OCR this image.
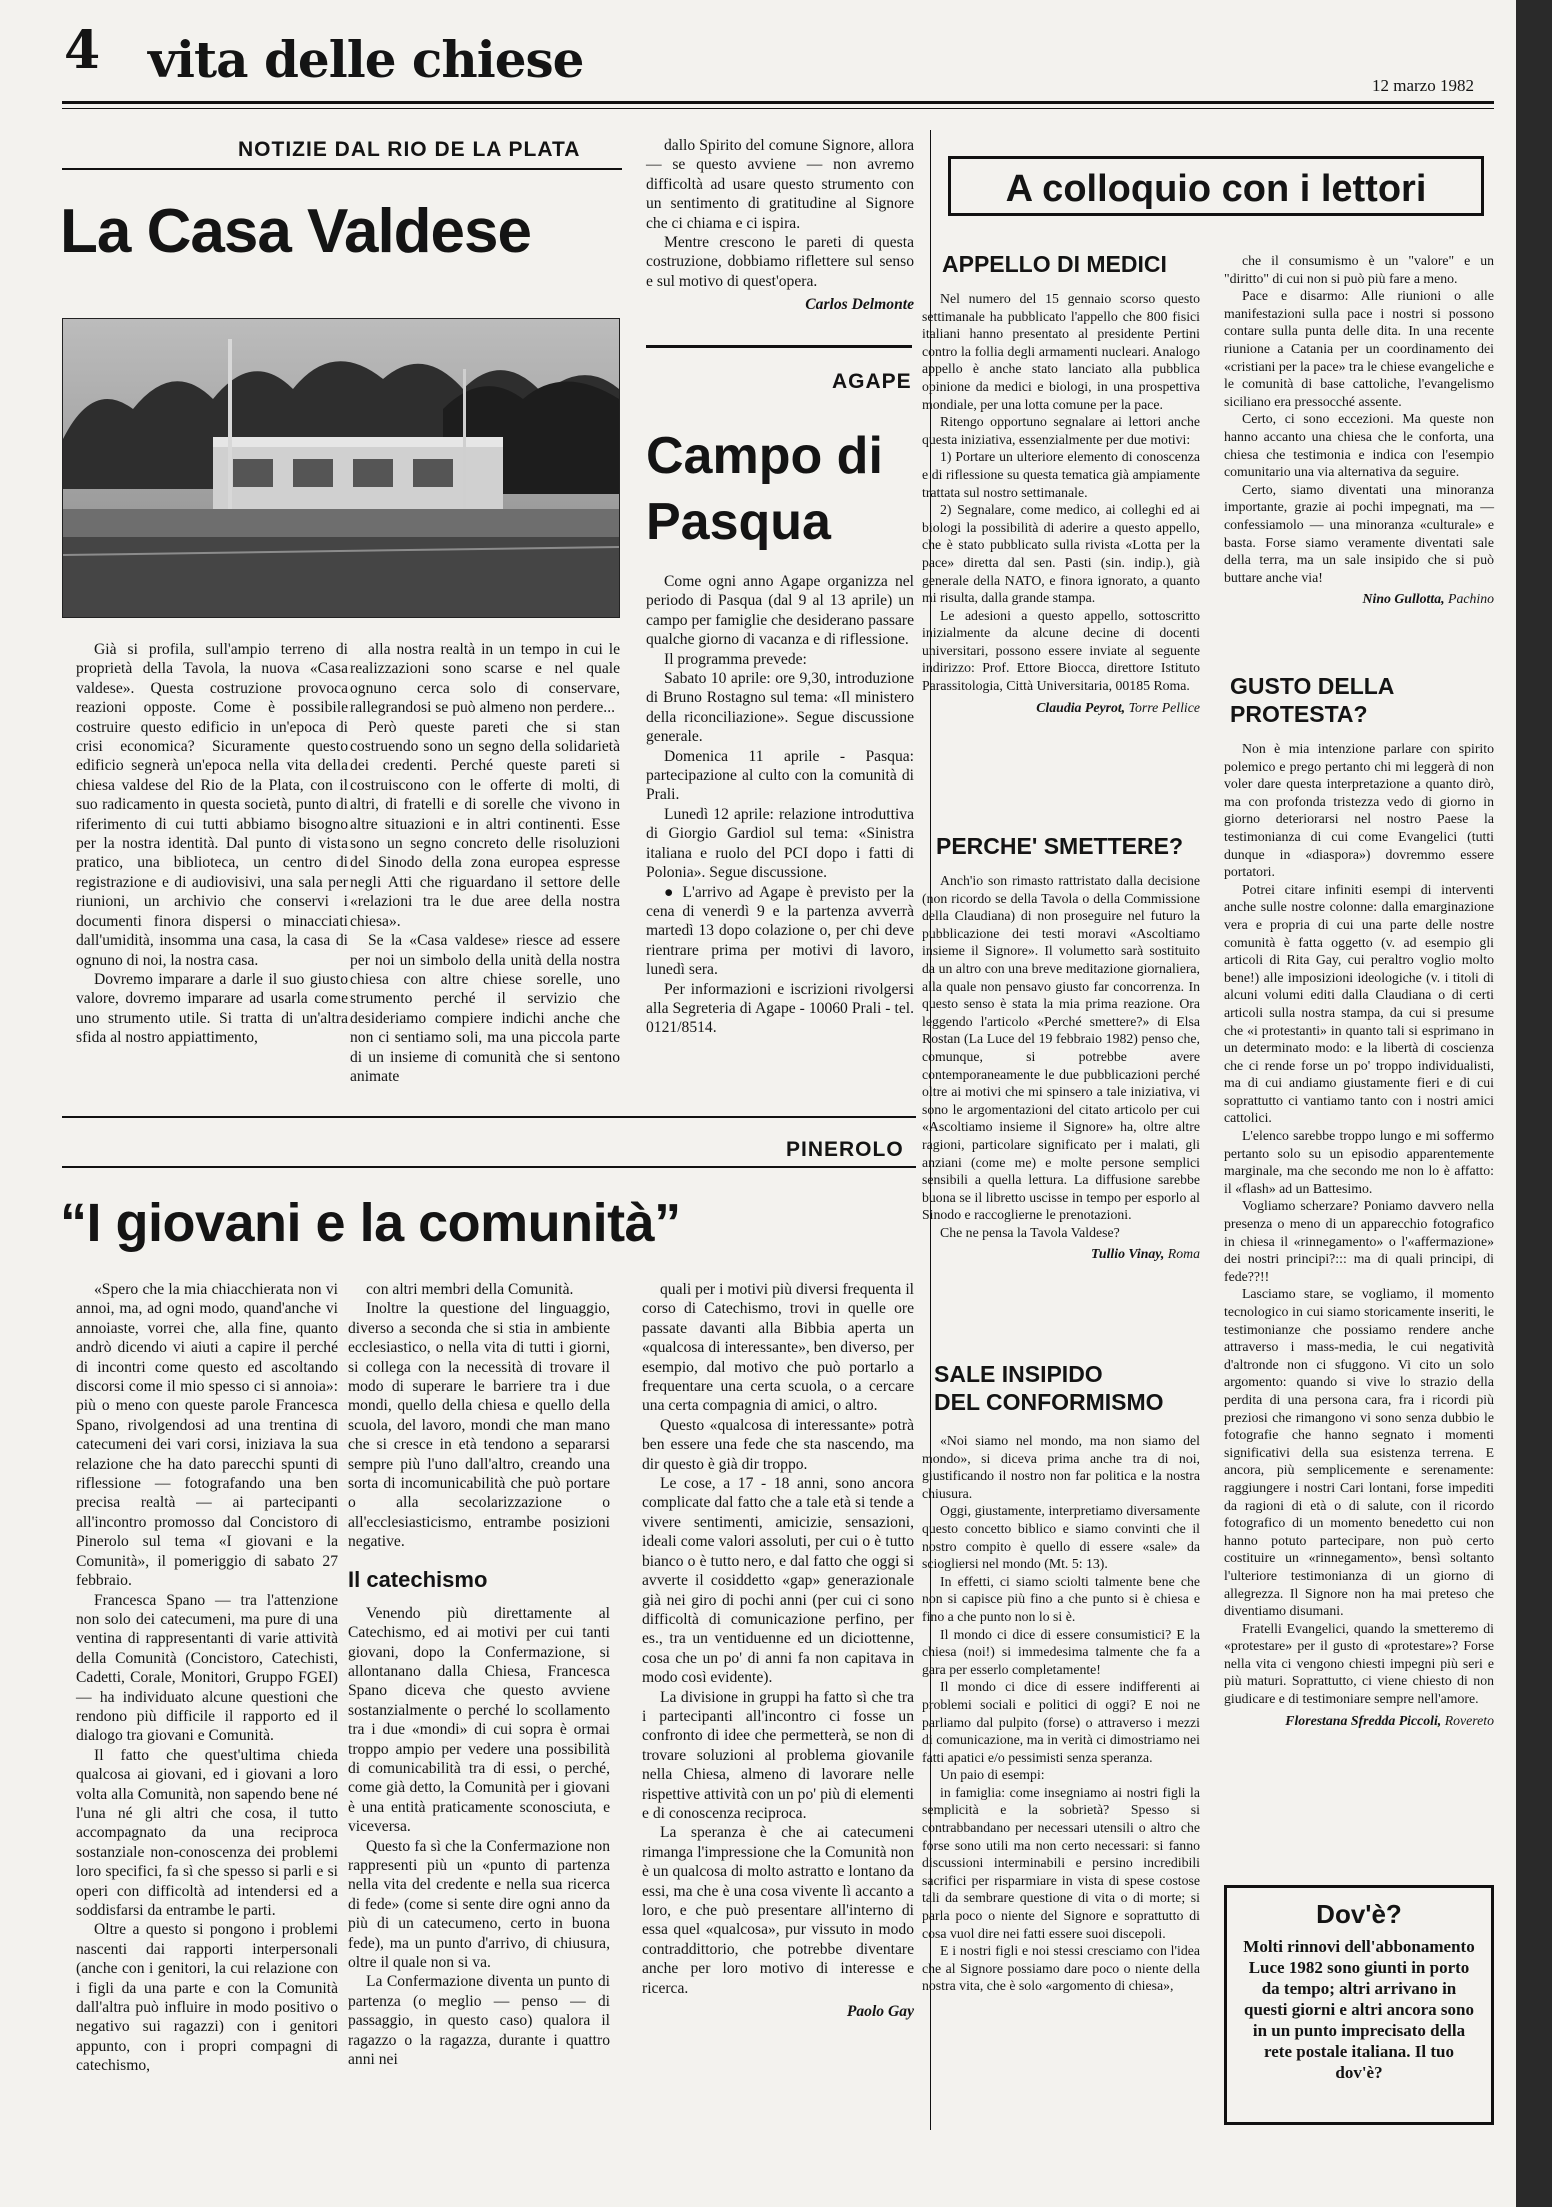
4 vita delle chiese	12 marzo 1982
NOTIZIE DAL RIO DE LA PLATA
La Casa Valdese

Già si profila, sull'ampio terreno di proprietà della Tavola, la nuova «Casa valdese». Questa costruzione provoca reazioni opposte. Come è possibile costruire questo edificio in un'epoca di crisi economica? Sicuramente questo edificio segnerà un'epoca nella vita della chiesa valdese del Rio de la Plata, con il suo radicamento in questa società, punto di riferimento di cui tutti abbiamo bisogno per la nostra identità. Dal punto di vista pratico, una biblioteca, un centro di registrazione e di audiovisivi, una sala per riunioni, un archivio che conservi i documenti finora dispersi o minacciati dall'umidità, insomma una casa, la casa di ognuno di noi, la nostra casa.

Dovremo imparare a darle il suo giusto valore, dovremo imparare ad usarla come uno strumento utile. Si tratta di un'altra sfida al nostro appiattimento,

alla nostra realtà in un tempo in cui le realizzazioni sono scarse e nel quale ognuno cerca solo di conservare, rallegrandosi se può almeno non perdere...

Però queste pareti che si stan costruendo sono un segno della solidarietà dei credenti. Perché queste pareti si costruiscono con le offerte di molti, di altri, di fratelli e di sorelle che vivono in altre situazioni e in altri continenti. Esse sono un segno concreto delle risoluzioni del Sinodo della zona europea espresse negli Atti che riguardano il settore delle «relazioni tra le due aree della nostra chiesa».

Se la «Casa valdese» riesce ad essere per noi un simbolo della unità della nostra chiesa con altre chiese sorelle, uno strumento perché il servizio che desideriamo compiere indichi anche che non ci sentiamo soli, ma una piccola parte di un insieme di comunità che si sentono animate

dallo Spirito del comune Signore, allora — se questo avviene — non avremo difficoltà ad usare questo strumento con un sentimento di gratitudine al Signore che ci chiama e ci ispira.

Mentre crescono le pareti di questa costruzione, dobbiamo riflettere sul senso e sul motivo di quest'opera.

Carlos Delmonte

AGAPE
Campo di
Pasqua

Come ogni anno Agape organizza nel periodo di Pasqua (dal 9 al 13 aprile) un campo per famiglie che desiderano passare qualche giorno di vacanza e di riflessione.

Il programma prevede:

Sabato 10 aprile: ore 9,30, introduzione di Bruno Rostagno sul tema: «Il ministero della riconciliazione». Segue discussione generale.

Domenica 11 aprile - Pasqua: partecipazione al culto con la comunità di Prali.

Lunedì 12 aprile: relazione introduttiva di Giorgio Gardiol sul tema: «Sinistra italiana e ruolo del PCI dopo i fatti di Polonia». Segue discussione.

● L'arrivo ad Agape è previsto per la cena di venerdì 9 e la partenza avverrà martedì 13 dopo colazione o, per chi deve rientrare prima per motivi di lavoro, lunedì sera.

Per informazioni e iscrizioni rivolgersi alla Segreteria di Agape - 10060 Prali - tel. 0121/8514.

A colloquio con i lettori
APPELLO DI MEDICI

Nel numero del 15 gennaio scorso questo settimanale ha pubblicato l'appello che 800 fisici italiani hanno presentato al presidente Pertini contro la follia degli armamenti nucleari. Analogo appello è anche stato lanciato alla pubblica opinione da medici e biologi, in una prospettiva mondiale, per una lotta comune per la pace.

Ritengo opportuno segnalare ai lettori anche questa iniziativa, essenzialmente per due motivi:

1) Portare un ulteriore elemento di conoscenza e di riflessione su questa tematica già ampiamente trattata sul nostro settimanale.

2) Segnalare, come medico, ai colleghi ed ai biologi la possibilità di aderire a questo appello, che è stato pubblicato sulla rivista «Lotta per la pace» diretta dal sen. Pasti (sin. indip.), già generale della NATO, e finora ignorato, a quanto mi risulta, dalla grande stampa.

Le adesioni a questo appello, sottoscritto inizialmente da alcune decine di docenti universitari, possono essere inviate al seguente indirizzo: Prof. Ettore Biocca, direttore Istituto Parassitologia, Città Universitaria, 00185 Roma.

Claudia Peyrot, Torre Pellice

PERCHE' SMETTERE?

Anch'io son rimasto rattristato dalla decisione (non ricordo se della Tavola o della Commissione della Claudiana) di non proseguire nel futuro la pubblicazione dei testi moravi «Ascoltiamo insieme il Signore». Il volumetto sarà sostituito da un altro con una breve meditazione giornaliera, alla quale non pensavo giusto far concorrenza. In questo senso è stata la mia prima reazione. Ora leggendo l'articolo «Perché smettere?» di Elsa Rostan (La Luce del 19 febbraio 1982) penso che, comunque, si potrebbe avere contemporaneamente le due pubblicazioni perché oltre ai motivi che mi spinsero a tale iniziativa, vi sono le argomentazioni del citato articolo per cui «Ascoltiamo insieme il Signore» ha, oltre altre ragioni, particolare significato per i malati, gli anziani (come me) e molte persone semplici sensibili a quella lettura. La diffusione sarebbe buona se il libretto uscisse in tempo per esporlo al Sinodo e raccoglierne le prenotazioni.

Che ne pensa la Tavola Valdese?

Tullio Vinay, Roma

SALE INSIPIDO
DEL CONFORMISMO

«Noi siamo nel mondo, ma non siamo del mondo», si diceva prima anche tra di noi, giustificando il nostro non far politica e la nostra chiusura.

Oggi, giustamente, interpretiamo diversamente questo concetto biblico e siamo convinti che il nostro compito è quello di essere «sale» da sciogliersi nel mondo (Mt. 5: 13).

In effetti, ci siamo sciolti talmente bene che non si capisce più fino a che punto si è chiesa e fino a che punto non lo si è.

Il mondo ci dice di essere consumistici? E la chiesa (noi!) si immedesima talmente che fa a gara per esserlo completamente!

Il mondo ci dice di essere indifferenti ai problemi sociali e politici di oggi? E noi ne parliamo dal pulpito (forse) o attraverso i mezzi di comunicazione, ma in verità ci dimostriamo nei fatti apatici e/o pessimisti senza speranza.

Un paio di esempi:

in famiglia: come insegniamo ai nostri figli la semplicità e la sobrietà? Spesso si contrabbandano per necessari utensili o altro che forse sono utili ma non certo necessari: si fanno discussioni interminabili e persino incredibili sacrifici per risparmiare in vista di spese costose tali da sembrare questione di vita o di morte; si parla poco o niente del Signore e soprattutto di cosa vuol dire nei fatti essere suoi discepoli.

E i nostri figli e noi stessi cresciamo con l'idea che al Signore possiamo dare poco o niente della nostra vita, che è solo «argomento di chiesa»,

che il consumismo è un "valore" e un "diritto" di cui non si può più fare a meno.

Pace e disarmo: Alle riunioni o alle manifestazioni sulla pace i nostri si possono contare sulla punta delle dita. In una recente riunione a Catania per un coordinamento dei «cristiani per la pace» tra le chiese evangeliche e le comunità di base cattoliche, l'evangelismo siciliano era pressocché assente.

Certo, ci sono eccezioni. Ma queste non hanno accanto una chiesa che le conforta, una chiesa che testimonia e indica con l'esempio comunitario una via alternativa da seguire.

Certo, siamo diventati una minoranza importante, grazie ai pochi impegnati, ma — confessiamolo — una minoranza «culturale» e basta. Forse siamo veramente diventati sale della terra, ma un sale insipido che si può buttare anche via!

Nino Gullotta, Pachino

GUSTO DELLA
PROTESTA?

Non è mia intenzione parlare con spirito polemico e prego pertanto chi mi leggerà di non voler dare questa interpretazione a quanto dirò, ma con profonda tristezza vedo di giorno in giorno deteriorarsi nel nostro Paese la testimonianza di cui come Evangelici (tutti dunque in «diaspora») dovremmo essere portatori.

Potrei citare infiniti esempi di interventi anche sulle nostre colonne: dalla emarginazione vera e propria di cui una parte delle nostre comunità è fatta oggetto (v. ad esempio gli articoli di Rita Gay, cui peraltro voglio molto bene!) alle imposizioni ideologiche (v. i titoli di alcuni volumi editi dalla Claudiana o di certi articoli sulla nostra stampa, da cui si presume che «i protestanti» in quanto tali si esprimano in un determinato modo: e la libertà di coscienza che ci rende forse un po' troppo individualisti, ma di cui andiamo giustamente fieri e di cui soprattutto ci vantiamo tanto con i nostri amici cattolici.

L'elenco sarebbe troppo lungo e mi soffermo pertanto solo su un episodio apparentemente marginale, ma che secondo me non lo è affatto: il «flash» ad un Battesimo.

Vogliamo scherzare? Poniamo davvero nella presenza o meno di un apparecchio fotografico in chiesa il «rinnegamento» o l'«affermazione» dei nostri principi?::: ma di quali principi, di fede??!!

Lasciamo stare, se vogliamo, il momento tecnologico in cui siamo storicamente inseriti, le testimonianze che possiamo rendere anche attraverso i mass-media, le cui negatività d'altronde non ci sfuggono. Vi cito un solo argomento: quando si vive lo strazio della perdita di una persona cara, fra i ricordi più preziosi che rimangono vi sono senza dubbio le fotografie che hanno segnato i momenti significativi della sua esistenza terrena. E ancora, più semplicemente e serenamente: raggiungere i nostri Cari lontani, forse impediti da ragioni di età o di salute, con il ricordo fotografico di un momento benedetto cui non hanno potuto partecipare, non può certo costituire un «rinnegamento», bensì soltanto l'ulteriore testimonianza di un giorno di allegrezza. Il Signore non ha mai preteso che diventiamo disumani.

Fratelli Evangelici, quando la smetteremo di «protestare» per il gusto di «protestare»? Forse nella vita ci vengono chiesti impegni più seri e più maturi. Soprattutto, ci viene chiesto di non giudicare e di testimoniare sempre nell'amore.

Florestana Sfredda Piccoli, Rovereto

Dov'è?
Molti rinnovi dell'abbonamento Luce 1982 sono giunti in porto da tempo; altri arrivano in questi giorni e altri ancora sono in un punto imprecisato della rete postale italiana. Il tuo dov'è?
PINEROLO
“I giovani e la comunità”

«Spero che la mia chiacchierata non vi annoi, ma, ad ogni modo, quand'anche vi annoiaste, vorrei che, alla fine, quanto andrò dicendo vi aiuti a capire il perché di incontri come questo ed ascoltando discorsi come il mio spesso ci si annoia»: più o meno con queste parole Francesca Spano, rivolgendosi ad una trentina di catecumeni dei vari corsi, iniziava la sua relazione che ha dato parecchi spunti di riflessione — fotografando una ben precisa realtà — ai partecipanti all'incontro promosso dal Concistoro di Pinerolo sul tema «I giovani e la Comunità», il pomeriggio di sabato 27 febbraio.

Francesca Spano — tra l'attenzione non solo dei catecumeni, ma pure di una ventina di rappresentanti di varie attività della Comunità (Concistoro, Catechisti, Cadetti, Corale, Monitori, Gruppo FGEI) — ha individuato alcune questioni che rendono più difficile il rapporto ed il dialogo tra giovani e Comunità.

Il fatto che quest'ultima chieda qualcosa ai giovani, ed i giovani a loro volta alla Comunità, non sapendo bene né l'una né gli altri che cosa, il tutto accompagnato da una reciproca sostanziale non-conoscenza dei problemi loro specifici, fa sì che spesso si parli e si operi con difficoltà ad intendersi ed a soddisfarsi da entrambe le parti.

Oltre a questo si pongono i problemi nascenti dai rapporti interpersonali (anche con i genitori, la cui relazione con i figli da una parte e con la Comunità dall'altra può influire in modo positivo o negativo sui ragazzi) con i genitori appunto, con i propri compagni di catechismo,

con altri membri della Comunità.

Inoltre la questione del linguaggio, diverso a seconda che si stia in ambiente ecclesiastico, o nella vita di tutti i giorni, si collega con la necessità di trovare il modo di superare le barriere tra i due mondi, quello della chiesa e quello della scuola, del lavoro, mondi che man mano che si cresce in età tendono a separarsi sempre più l'uno dall'altro, creando una sorta di incomunicabilità che può portare o alla secolarizzazione o all'ecclesiasticismo, entrambe posizioni negative.

Il catechismo

Venendo più direttamente al Catechismo, ed ai motivi per cui tanti giovani, dopo la Confermazione, si allontanano dalla Chiesa, Francesca Spano diceva che questo avviene sostanzialmente o perché lo scollamento tra i due «mondi» di cui sopra è ormai troppo ampio per vedere una possibilità di comunicabilità tra di essi, o perché, come già detto, la Comunità per i giovani è una entità praticamente sconosciuta, e viceversa.

Questo fa sì che la Confermazione non rappresenti più un «punto di partenza nella vita del credente e nella sua ricerca di fede» (come si sente dire ogni anno da più di un catecumeno, certo in buona fede), ma un punto d'arrivo, di chiusura, oltre il quale non si va.

La Confermazione diventa un punto di partenza (o meglio — penso — di passaggio, in questo caso) qualora il ragazzo o la ragazza, durante i quattro anni nei

quali per i motivi più diversi frequenta il corso di Catechismo, trovi in quelle ore passate davanti alla Bibbia aperta un «qualcosa di interessante», ben diverso, per esempio, dal motivo che può portarlo a frequentare una certa scuola, o a cercare una certa compagnia di amici, o altro.

Questo «qualcosa di interessante» potrà ben essere una fede che sta nascendo, ma dir questo è già dir troppo.

Le cose, a 17 - 18 anni, sono ancora complicate dal fatto che a tale età si tende a vivere sentimenti, amicizie, sensazioni, ideali come valori assoluti, per cui o è tutto bianco o è tutto nero, e dal fatto che oggi si avverte il cosiddetto «gap» generazionale già nei giro di pochi anni (per cui ci sono difficoltà di comunicazione perfino, per es., tra un ventiduenne ed un diciottenne, cosa che un po' di anni fa non capitava in modo così evidente).

La divisione in gruppi ha fatto sì che tra i partecipanti all'incontro ci fosse un confronto di idee che permetterà, se non di trovare soluzioni al problema giovanile nella Chiesa, almeno di lavorare nelle rispettive attività con un po' più di elementi e di conoscenza reciproca.

La speranza è che ai catecumeni rimanga l'impressione che la Comunità non è un qualcosa di molto astratto e lontano da essi, ma che è una cosa vivente lì accanto a loro, e che può presentare all'interno di essa quel «qualcosa», pur vissuto in modo contraddittorio, che potrebbe diventare anche per loro motivo di interesse e ricerca.

Paolo Gay
